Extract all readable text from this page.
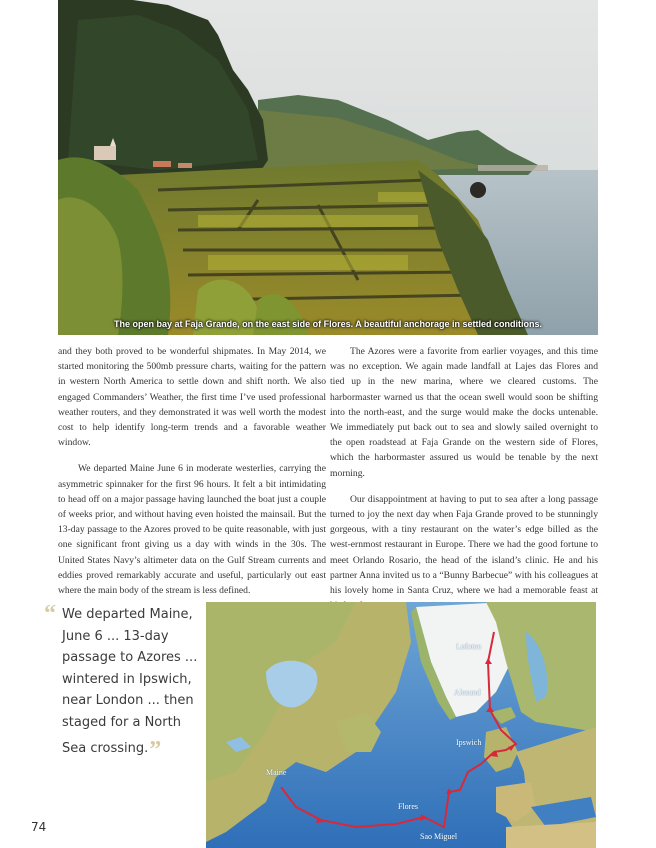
The open bay at Faja Grande, on the east side of Flores. A beautiful anchorage in settled conditions.

and they both proved to be wonderful shipmates. In May 2014, we started monitoring the 500mb pressure charts, waiting for the pattern in western North America to settle down and shift north. We also engaged Commanders’ Weather, the first time I’ve used professional weather routers, and they demonstrated it was well worth the modest cost to help identify long-term trends and a favorable weather window.

We departed Maine June 6 in moderate westerlies, carrying the asymmetric spinnaker for the first 96 hours. It felt a bit intimidating to head off on a major passage having launched the boat just a couple of weeks prior, and without having even hoisted the mainsail. But the 13-day passage to the Azores proved to be quite reasonable, with just one significant front giving us a day with winds in the 30s. The United States Navy’s altimeter data on the Gulf Stream currents and eddies proved remarkably accurate and useful, particularly out east where the main body of the stream is less defined.

The Azores were a favorite from earlier voyages, and this time was no exception. We again made landfall at Lajes das Flores and tied up in the new marina, where we cleared customs. The harbormaster warned us that the ocean swell would soon be shifting into the north-east, and the surge would make the docks untenable. We immediately put back out to sea and slowly sailed overnight to the open roadstead at Faja Grande on the western side of Flores, which the harbormaster assured us would be tenable by the next morning.

Our disappointment at having to put to sea after a long passage turned to joy the next day when Faja Grande proved to be stunningly gorgeous, with a tiny restaurant on the water’s edge billed as the west-ernmost restaurant in Europe. There we had the good fortune to meet Orlando Rosario, the head of the island’s clinic. He and his partner Anna invited us to a “Bunny Barbecue” with his colleagues at his lovely home in Santa Cruz, where we had a memorable feast at

“ We departed Maine, June 6 ... 13-day passage to Azores ... wintered in Ipswich, near London ... then staged for a North Sea crossing.”
74
Maine
Flores
Sao Miguel
Ipswich
Alesund
Lofoten
